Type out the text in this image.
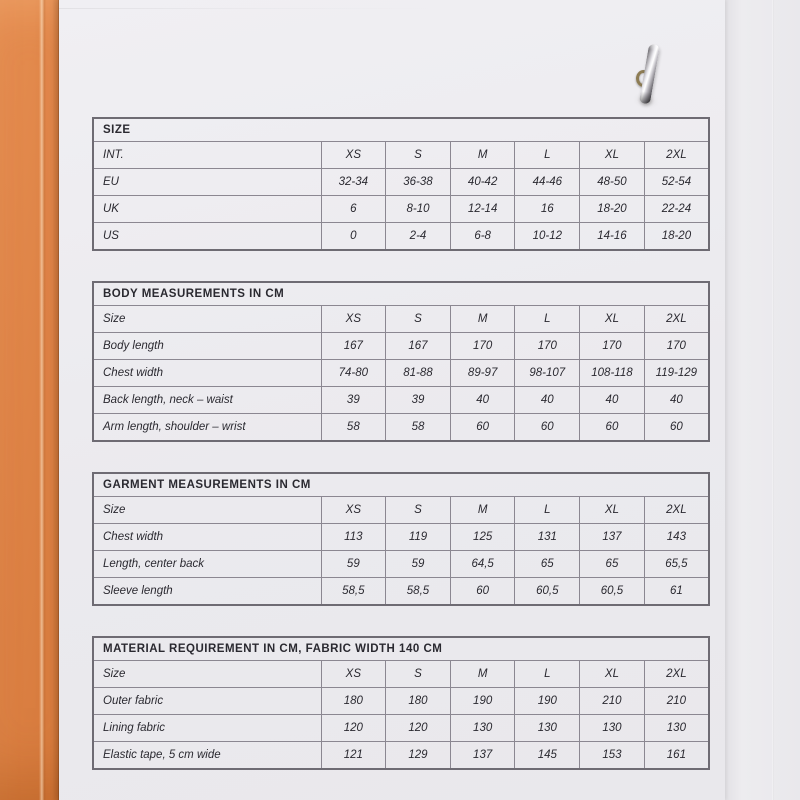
SIZE						
INT.	XS	S	M	L	XL	2XL
EU	32-34	36-38	40-42	44-46	48-50	52-54
UK	6	8-10	12-14	16	18-20	22-24
US	0	2-4	6-8	10-12	14-16	18-20
BODY MEASUREMENTS IN CM						
Size	XS	S	M	L	XL	2XL
Body length	167	167	170	170	170	170
Chest width	74-80	81-88	89-97	98-107	108-118	119-129
Back length, neck – waist	39	39	40	40	40	40
Arm length, shoulder – wrist	58	58	60	60	60	60
GARMENT MEASUREMENTS IN CM						
Size	XS	S	M	L	XL	2XL
Chest width	113	119	125	131	137	143
Length, center back	59	59	64,5	65	65	65,5
Sleeve length	58,5	58,5	60	60,5	60,5	61
MATERIAL REQUIREMENT IN CM, FABRIC WIDTH 140 CM						
Size	XS	S	M	L	XL	2XL
Outer fabric	180	180	190	190	210	210
Lining fabric	120	120	130	130	130	130
Elastic tape, 5 cm wide	121	129	137	145	153	161
